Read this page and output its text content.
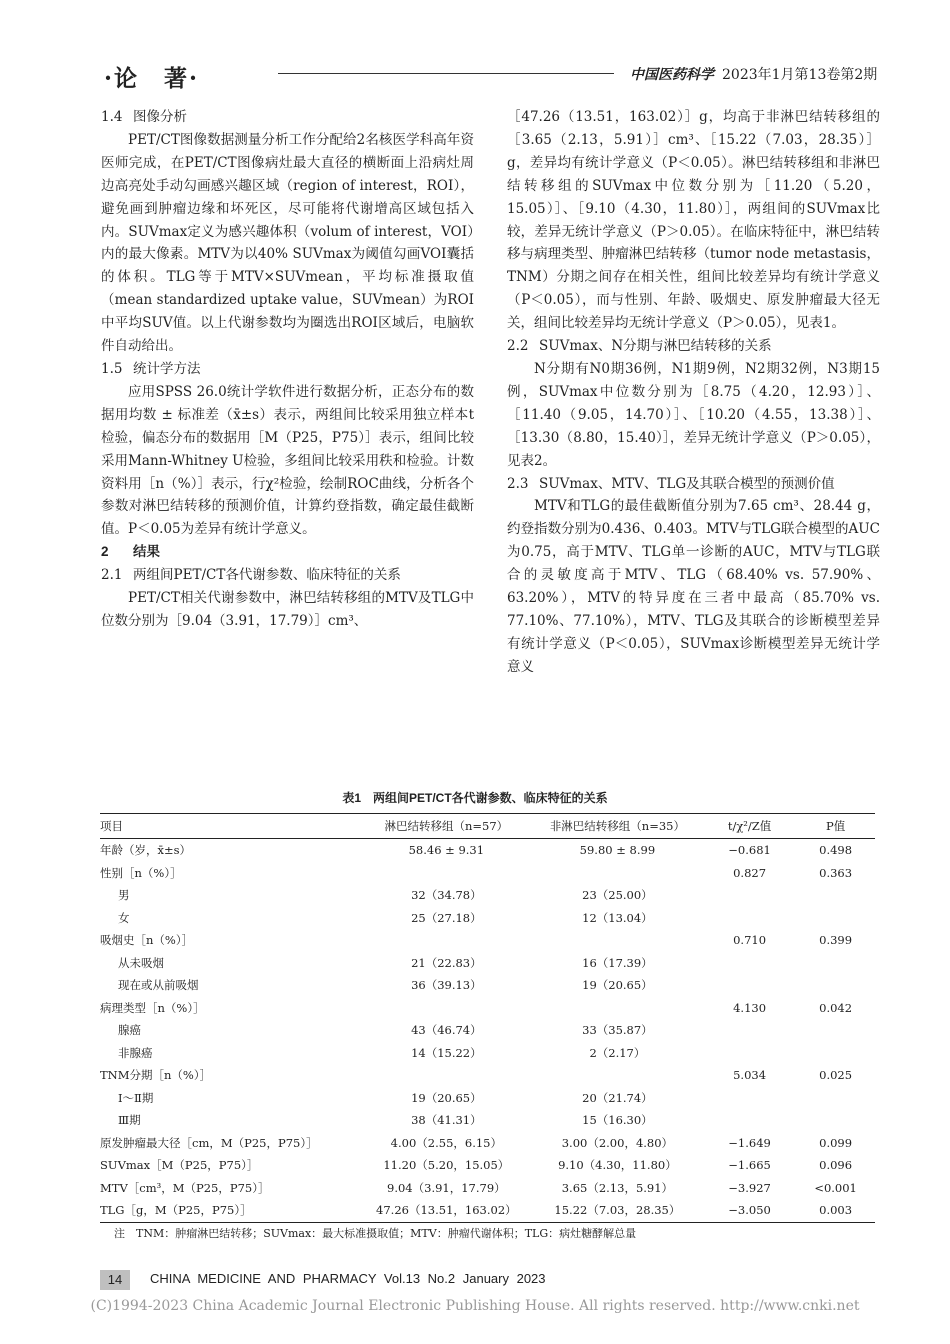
·论　著·	中国医药科学 2023年1月第13卷第2期
1.4 图像分析

PET/CT图像数据测量分析工作分配给2名核医学科高年资医师完成，在PET/CT图像病灶最大直径的横断面上沿病灶周边高亮处手动勾画感兴趣区域（region of interest，ROI），避免画到肿瘤边缘和坏死区，尽可能将代谢增高区域包括入内。SUVmax定义为感兴趣体积（volum of interest，VOI）内的最大像素。MTV为以40% SUVmax为阈值勾画VOI囊括的体积。TLG等于MTV×SUVmean，平均标准摄取值（mean standardized uptake value，SUVmean）为ROI中平均SUV值。以上代谢参数均为圈选出ROI区域后，电脑软件自动给出。

1.5 统计学方法

应用SPSS 26.0统计学软件进行数据分析，正态分布的数据用均数 ± 标准差（x̄±s）表示，两组间比较采用独立样本t检验，偏态分布的数据用［M（P25，P75）］表示，组间比较采用Mann-Whitney U检验，多组间比较采用秩和检验。计数资料用［n（%）］表示，行χ²检验，绘制ROC曲线，分析各个参数对淋巴结转移的预测价值，计算约登指数，确定最佳截断值。P＜0.05为差异有统计学意义。

2 结果
2.1 两组间PET/CT各代谢参数、临床特征的关系

PET/CT相关代谢参数中，淋巴结转移组的MTV及TLG中位数分别为［9.04（3.91，17.79）］cm³、

［47.26（13.51，163.02）］g，均高于非淋巴结转移组的［3.65（2.13，5.91）］cm³、［15.22（7.03，28.35）］g，差异均有统计学意义（P＜0.05）。淋巴结转移组和非淋巴结转移组的SUVmax中位数分别为［11.20（5.20，15.05）］、［9.10（4.30，11.80）］，两组间的SUVmax比较，差异无统计学意义（P＞0.05）。在临床特征中，淋巴结转移与病理类型、肿瘤淋巴结转移（tumor node metastasis，TNM）分期之间存在相关性，组间比较差异均有统计学意义（P＜0.05），而与性别、年龄、吸烟史、原发肿瘤最大径无关，组间比较差异均无统计学意义（P＞0.05），见表1。

2.2 SUVmax、N分期与淋巴结转移的关系

N分期有N0期36例，N1期9例，N2期32例，N3期15例，SUVmax中位数分别为［8.75（4.20，12.93）］、［11.40（9.05，14.70）］、［10.20（4.55，13.38）］、［13.30（8.80，15.40）］，差异无统计学意义（P＞0.05），见表2。

2.3 SUVmax、MTV、TLG及其联合模型的预测价值

MTV和TLG的最佳截断值分别为7.65 cm³、28.44 g，约登指数分别为0.436、0.403。MTV与TLG联合模型的AUC为0.75，高于MTV、TLG单一诊断的AUC，MTV与TLG联合的灵敏度高于MTV、TLG（68.40% vs. 57.90%、63.20%），MTV的特异度在三者中最高（85.70% vs. 77.10%、77.10%），MTV、TLG及其联合的诊断模型差异有统计学意义（P＜0.05），SUVmax诊断模型差异无统计学意义

表1　两组间PET/CT各代谢参数、临床特征的关系
项目	淋巴结转移组（n=57）	非淋巴结转移组（n=35）	t/χ²/Z值	P值
年龄（岁，x̄±s）	58.46 ± 9.31	59.80 ± 8.99	−0.681	0.498
性别［n（%）］			0.827	0.363
男	32（34.78）	23（25.00）		
女	25（27.18）	12（13.04）		
吸烟史［n（%）］			0.710	0.399
从未吸烟	21（22.83）	16（17.39）		
现在或从前吸烟	36（39.13）	19（20.65）		
病理类型［n（%）］			4.130	0.042
腺癌	43（46.74）	33（35.87）		
非腺癌	14（15.22）	2（2.17）		
TNM分期［n（%）］			5.034	0.025
Ⅰ～Ⅱ期	19（20.65）	20（21.74）		
Ⅲ期	38（41.31）	15（16.30）		
原发肿瘤最大径［cm，M（P25，P75）］	4.00（2.55，6.15）	3.00（2.00，4.80）	−1.649	0.099
SUVmax［M（P25，P75）］	11.20（5.20，15.05）	9.10（4.30，11.80）	−1.665	0.096
MTV［cm³，M（P25，P75）］	9.04（3.91，17.79）	3.65（2.13，5.91）	−3.927	<0.001
TLG［g，M（P25，P75）］	47.26（13.51，163.02）	15.22（7.03，28.35）	−3.050	0.003
注　TNM：肿瘤淋巴结转移；SUVmax：最大标准摄取值；MTV：肿瘤代谢体积；TLG：病灶糖酵解总量
14	CHINA MEDICINE AND PHARMACY Vol.13 No.2 January 2023
(C)1994-2023 China Academic Journal Electronic Publishing House. All rights reserved. http://www.cnki.net
